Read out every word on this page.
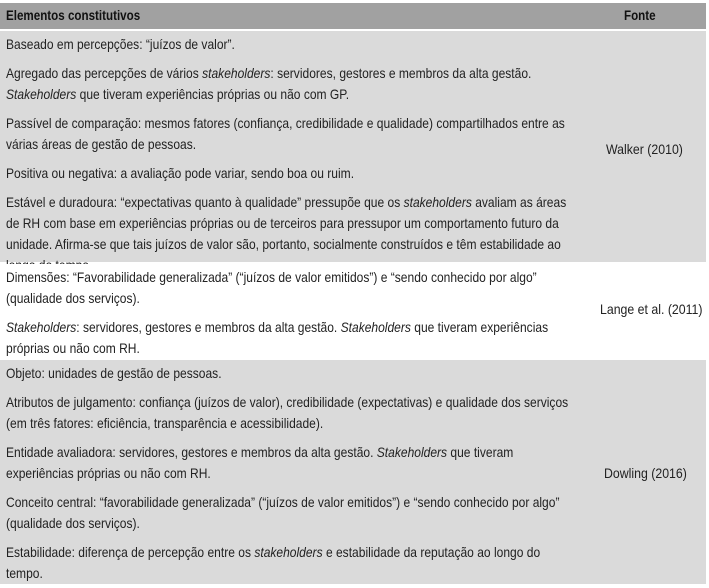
Elementos constitutivos	Fonte
Baseado em percepções: “juízos de valor”.
Agregado das percepções de vários stakeholders: servidores, gestores e membros da alta gestão.
Stakeholders que tiveram experiências próprias ou não com GP.
Passível de comparação: mesmos fatores (confiança, credibilidade e qualidade) compartilhados entre as
várias áreas de gestão de pessoas.
Positiva ou negativa: a avaliação pode variar, sendo boa ou ruim.
Estável e duradoura: “expectativas quanto à qualidade” pressupõe que os stakeholders avaliam as áreas
de RH com base em experiências próprias ou de terceiros para pressupor um comportamento futuro da
unidade. Afirma-se que tais juízos de valor são, portanto, socialmente construídos e têm estabilidade ao
Walker (2010)
Dimensões: “Favorabilidade generalizada” (“juízos de valor emitidos”) e “sendo conhecido por algo”
(qualidade dos serviços).
Stakeholders: servidores, gestores e membros da alta gestão. Stakeholders que tiveram experiências
próprias ou não com RH.
Lange et al. (2011)
Objeto: unidades de gestão de pessoas.
Atributos de julgamento: confiança (juízos de valor), credibilidade (expectativas) e qualidade dos serviços
(em três fatores: eficiência, transparência e acessibilidade).
Entidade avaliadora: servidores, gestores e membros da alta gestão. Stakeholders que tiveram
experiências próprias ou não com RH.
Conceito central: “favorabilidade generalizada” (“juízos de valor emitidos”) e “sendo conhecido por algo”
(qualidade dos serviços).
Estabilidade: diferença de percepção entre os stakeholders e estabilidade da reputação ao longo do
tempo.
Dowling (2016)
